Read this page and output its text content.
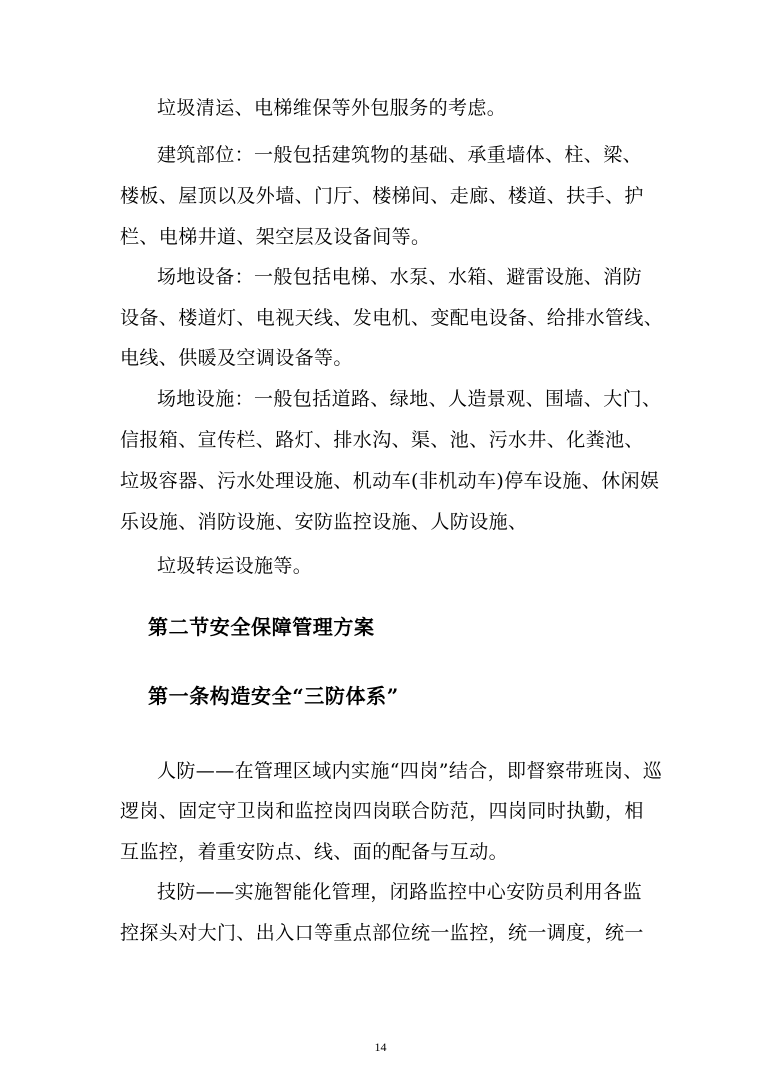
垃圾清运、电梯维保等外包服务的考虑。
建筑部位：一般包括建筑物的基础、承重墙体、柱、梁、
楼板、屋顶以及外墙、门厅、楼梯间、走廊、楼道、扶手、护
栏、电梯井道、架空层及设备间等。
场地设备：一般包括电梯、水泵、水箱、避雷设施、消防
设备、楼道灯、电视天线、发电机、变配电设备、给排水管线、
电线、供暖及空调设备等。
场地设施：一般包括道路、绿地、人造景观、围墙、大门、
信报箱、宣传栏、路灯、排水沟、渠、池、污水井、化粪池、
垃圾容器、污水处理设施、机动车(非机动车)停车设施、休闲娱
乐设施、消防设施、安防监控设施、人防设施、
垃圾转运设施等。
第二节安全保障管理方案
第一条构造安全“三防体系”
人防——在管理区域内实施“四岗”结合，即督察带班岗、巡
逻岗、固定守卫岗和监控岗四岗联合防范，四岗同时执勤，相
互监控，着重安防点、线、面的配备与互动。
技防——实施智能化管理，闭路监控中心安防员利用各监
控探头对大门、出入口等重点部位统一监控，统一调度，统一
14
